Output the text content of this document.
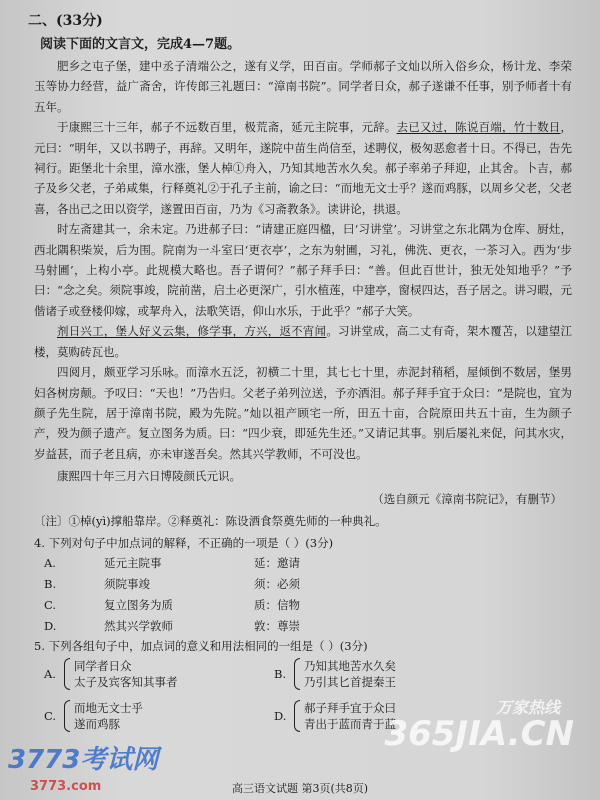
二、(33分)
阅读下面的文言文，完成4—7题。

肥乡之屯子堡，建中丞子清端公之，遂有义学，田百亩。学师郝子文灿以所入俗乡众，杨计龙、李荣玉等协力经营，益广斋舍，许传郎三礼题曰：“漳南书院”。同学者日众，郝子遂谦不任事，别予师者十有五年。

于康熙三十三年，郝子不远数百里，极荒斋，延元主院事，元辞。去已又过，陈说百端，竹十数日，元曰：“明年，又以书聘子，再辞。又明年，遂院中苗生尚信至，述聘仪，极匆恶愈者十日。不得已，告先祠行。距堡北十余里，漳水涨，堡人棹①舟入，乃知其地苦水久矣。郝子率弟子拜迎，止其舍。卜吉，郝子及乡父老，子弟咸集，行释奠礼②于孔子主前，谕之曰：“而地无文士乎？遂而鸡豚，以周乡父老，父老喜，各出己之田以资学，遂置田百亩，乃为《习斋教条》。读讲论，拱退。

时左斋建其一，余未定。乃进郝子曰：“请建正庭四楹，曰‘习讲堂’。习讲堂之东北隅为仓库、厨灶，西北隅积柴炭，后为围。院南为一斗室曰‘更衣亭’，之东为射圃，习礼，佛洗、更衣，一茶习入。西为‘步马射圃’，上构小亭。此规模大略也。吾子谓何？”郝子拜手曰：“善。但此百世计，独无处知地乎？”予曰：“念之矣。须院事竣，院前凿，启土必更深广，引水植莲，中建亭，窗棂四达，吾子居之。讲习暇，元偕诸子或登楼仰嫁，或挈舟入，法歌笑语，仰山水乐，于此乎？”郝子大笑。

剂日兴工，堡人好义云集，修学事，方兴，返不宵闻。习讲堂成，高二丈有奇，架木覆苫，以建望江楼，莫购砖瓦也。

四阅月，颇亚学习乐咏。而漳水五泛，初横二十里，其七七十里，赤泥封稍稻，屋倾倒不数居，堡男妇各树房颠。予叹曰：“天也！”乃告归。父老子弟列泣送，予亦洒泪。郝子拜手宜于众曰：“是院也，宜为颜子先生院，居于漳南书院，殿为先院。”灿以祖产顾宅一所，田五十亩，合院原田共五十亩，生为颜子产，殁为颜子遗产。复立图务为质。曰：“四少衰，即延先生还。”又请记其事。别后屡礼来促，问其水灾，岁益甚，而子老且病，亦未审遂吾矣。然其兴学教师，不可没也。

康熙四十年三月六日博陵颜氏元识。
（选自颜元《漳南书院记》，有删节）
〔注〕①棹(yì)撑船靠岸。②释奠礼：陈设酒食祭奠先师的一种典礼。
4. 下列对句子中加点词的解释，不正确的一项是（ ）(3分)
A.	延元主院事	延：邀请
B.	须院事竣	须：必须
C.	复立图务为质	质：信物
D.	然其兴学敦师	敦：尊崇
5. 下列各组句子中，加点词的意义和用法相同的一组是（ ）(3分)
A.
同学者日众
太子及宾客知其事者
B.
乃知其地苦水久矣
乃引其匕首提秦王
C.
而地无文士乎
遂而鸡豚
D.
郝子拜手宜于众曰
青出于蓝而青于蓝
高三语文试题 第3页(共8页)
3773考试网
3773.com
万家热线
365JIA.CN
